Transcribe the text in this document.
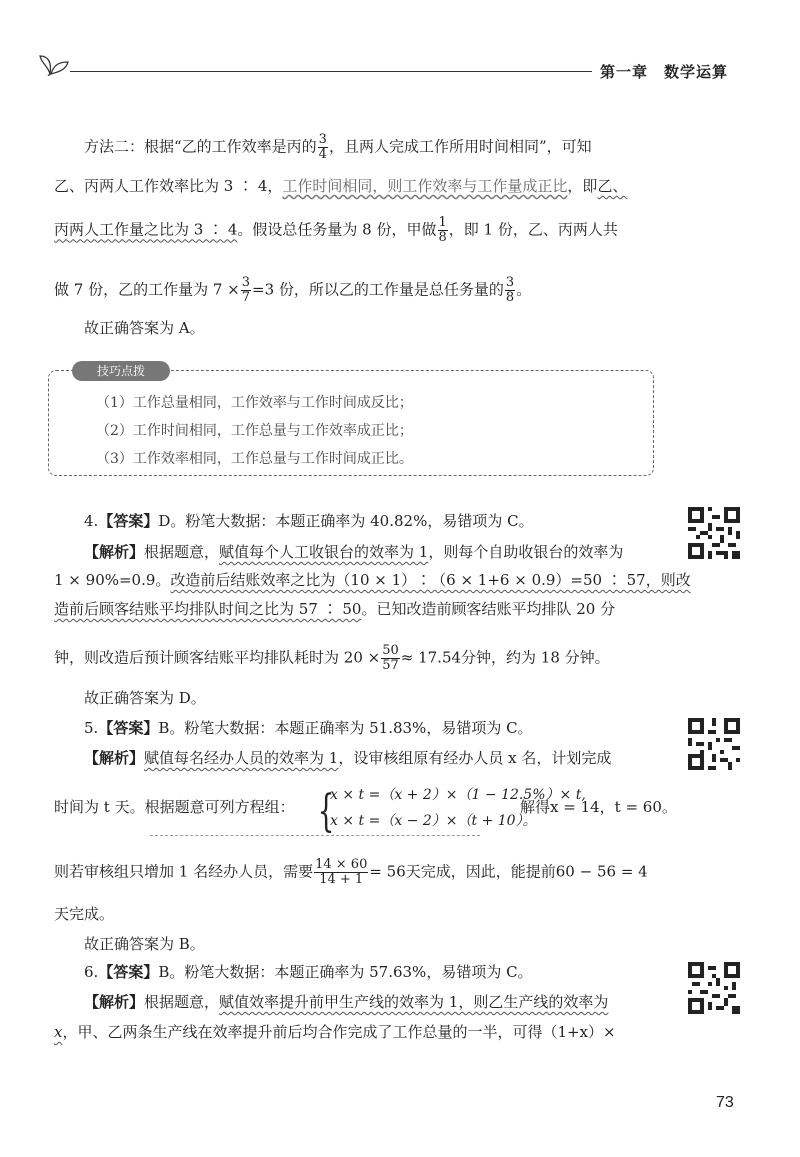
第一章　数学运算
方法二：根据“乙的工作效率是丙的 $\frac{3}{4}$ ，且两人完成工作所用时间相同”，可知
乙、丙两人工作效率比为 3 ∶ 4，工作时间相同，则工作效率与工作量成正比，即乙、
丙两人工作量之比为 3 ∶ 4。假设总任务量为 8 份，甲做 $\frac{1}{8}$ ，即 1 份，乙、丙两人共
做 7 份，乙的工作量为 $7 \times \frac{3}{7} =3$ 份，所以乙的工作量是总任务量的 $\frac{3}{8}$ 。
故正确答案为 A。
技巧点拨
（1）工作总量相同，工作效率与工作时间成反比；
（2）工作时间相同，工作总量与工作效率成正比；
（3）工作效率相同，工作总量与工作时间成正比。
4.【答案】D。粉笔大数据：本题正确率为 40.82%，易错项为 C。
【解析】根据题意，赋值每个人工收银台的效率为 1，则每个自助收银台的效率为
1 × 90%=0.9。改造前后结账效率之比为（10 × 1）∶（6 × 1+6 × 0.9）=50 ∶ 57，则改
造前后顾客结账平均排队时间之比为 57 ∶ 50。已知改造前顾客结账平均排队 20 分
钟，则改造后预计顾客结账平均排队耗时为 $20 \times \frac{50}{57} \approx 17.54$分钟，约为 18 分钟。
故正确答案为 D。
5.【答案】B。粉笔大数据：本题正确率为 51.83%，易错项为 C。
【解析】赋值每名经办人员的效率为 1，设审核组原有经办人员 x 名，计划完成
时间为 t 天。根据题意可列方程组： {
x × t =（x + 2）×（1 − 12.5%）× t,
x × t =（x − 2）×（t + 10）。
解得x = 14，t = 60。
则若审核组只增加 1 名经办人员，需要 $\frac{14 \times 60}{14 + 1} = 56$天完成，因此，能提前60 − 56 = 4
天完成。
故正确答案为 B。
6.【答案】B。粉笔大数据：本题正确率为 57.63%，易错项为 C。
【解析】根据题意，赋值效率提升前甲生产线的效率为 1，则乙生产线的效率为
x，甲、乙两条生产线在效率提升前后均合作完成了工作总量的一半，可得（1+x）×
73
